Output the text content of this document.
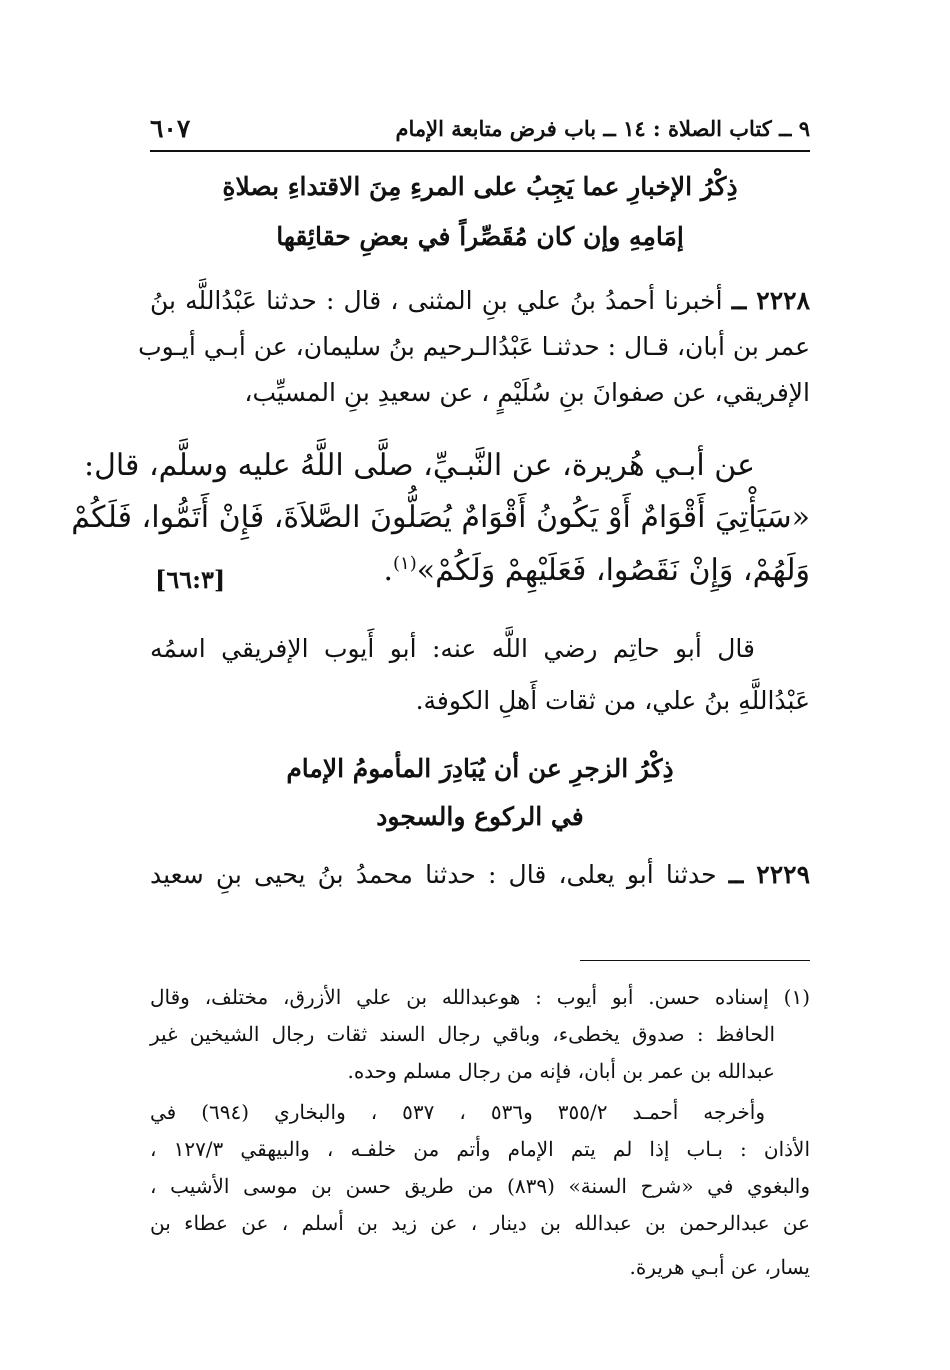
٩ ــ كتاب الصلاة : ١٤ ــ باب فرض متابعة الإمام
٦٠٧
ذِكْرُ الإخبارِ عما يَجِبُ على المرءِ مِنَ الاقتداءِ بصلاةِ
إمَامِهِ وإن كان مُقَصِّراً في بعضِ حقائِقها
٢٢٢٨ ــ أخبرنا أحمدُ بنُ علي بنِ المثنى ، قال : حدثنا عَبْدُاللَّه بنُ
عمر بن أبان، قـال : حدثنـا عَبْدُالـرحيم بنُ سليمان، عن أبـي أيـوب
الإفريقي، عن صفوانَ بنِ سُلَيْمٍ ، عن سعيدِ بنِ المسيِّب،
عن أبـي هُريرة، عن النَّبـيِّ، صلَّى اللَّهُ عليه وسلَّم، قال:
«سَيَأْتِيَ أَقْوَامٌ أَوْ يَكُونُ أَقْوَامٌ يُصَلُّونَ الصَّلاَةَ، فَإِنْ أَتَمُّوا، فَلَكُمْ
وَلَهُمْ، وَإِنْ نَقَصُوا، فَعَلَيْهِمْ وَلَكُمْ»$^{(١)}$.
[٦٦:٣]
قال أبو حاتِم رضي اللَّه عنه: أبو أَيوب الإفريقي اسمُه
عَبْدُاللَّهِ بنُ علي، من ثقات أَهلِ الكوفة.
ذِكْرُ الزجرِ عن أن يُبَادِرَ المأمومُ الإمام
في الركوع والسجود
٢٢٢٩ ــ حدثنا أبو يعلى، قال : حدثنا محمدُ بنُ يحيى بنِ سعيد
(١) إسناده حسن. أبو أيوب : هوعبدالله بن علي الأزرق، مختلف، وقال
الحافظ : صدوق يخطىء، وباقي رجال السند ثقات رجال الشيخين غير
عبدالله بن عمر بن أبان، فإنه من رجال مسلم وحده.
وأخرجه أحمـد ٣٥٥/٢ و٥٣٦ ، ٥٣٧ ، والبخاري (٦٩٤) في
الأذان : بـاب إذا لم يتم الإمام وأتم من خلفـه ، والبيهقي ١٢٧/٣ ،
والبغوي في «شرح السنة» (٨٣٩) من طريق حسن بن موسى الأشيب ،
عن عبدالرحمن بن عبدالله بن دينار ، عن زيد بن أسلم ، عن عطاء بن
يسار، عن أبـي هريرة.
